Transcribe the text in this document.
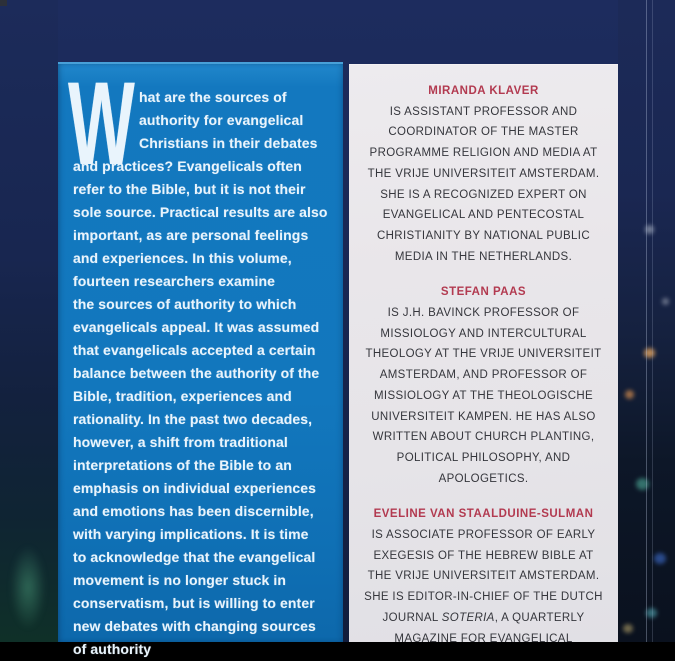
W hat are the sources of
authority for evangelical
Christians in their debates
and practices? Evangelicals often
refer to the Bible, but it is not their
sole source. Practical results are also
important, as are personal feelings
and experiences. In this volume,
fourteen researchers examine
the sources of authority to which
evangelicals appeal. It was assumed
that evangelicals accepted a certain
balance between the authority of the
Bible, tradition, experiences and
rationality. In the past two decades,
however, a shift from traditional
interpretations of the Bible to an
emphasis on individual experiences
and emotions has been discernible,
with varying implications. It is time
to acknowledge that the evangelical
movement is no longer stuck in
conservatism, but is willing to enter
new debates with changing sources
of authority
MIRANDA KLAVER
IS ASSISTANT PROFESSOR AND
COORDINATOR OF THE MASTER
PROGRAMME RELIGION AND MEDIA AT
THE VRIJE UNIVERSITEIT AMSTERDAM.
SHE IS A RECOGNIZED EXPERT ON
EVANGELICAL AND PENTECOSTAL
CHRISTIANITY BY NATIONAL PUBLIC
MEDIA IN THE NETHERLANDS.
STEFAN PAAS
IS J.H. BAVINCK PROFESSOR OF
MISSIOLOGY AND INTERCULTURAL
THEOLOGY AT THE VRIJE UNIVERSITEIT
AMSTERDAM, AND PROFESSOR OF
MISSIOLOGY AT THE THEOLOGISCHE
UNIVERSITEIT KAMPEN. HE HAS ALSO
WRITTEN ABOUT CHURCH PLANTING,
POLITICAL PHILOSOPHY, AND
APOLOGETICS.
EVELINE VAN STAALDUINE-SULMAN
IS ASSOCIATE PROFESSOR OF EARLY
EXEGESIS OF THE HEBREW BIBLE AT
THE VRIJE UNIVERSITEIT AMSTERDAM.
SHE IS EDITOR-IN-CHIEF OF THE DUTCH
JOURNAL SOTERIA, A QUARTERLY
MAGAZINE FOR EVANGELICAL
